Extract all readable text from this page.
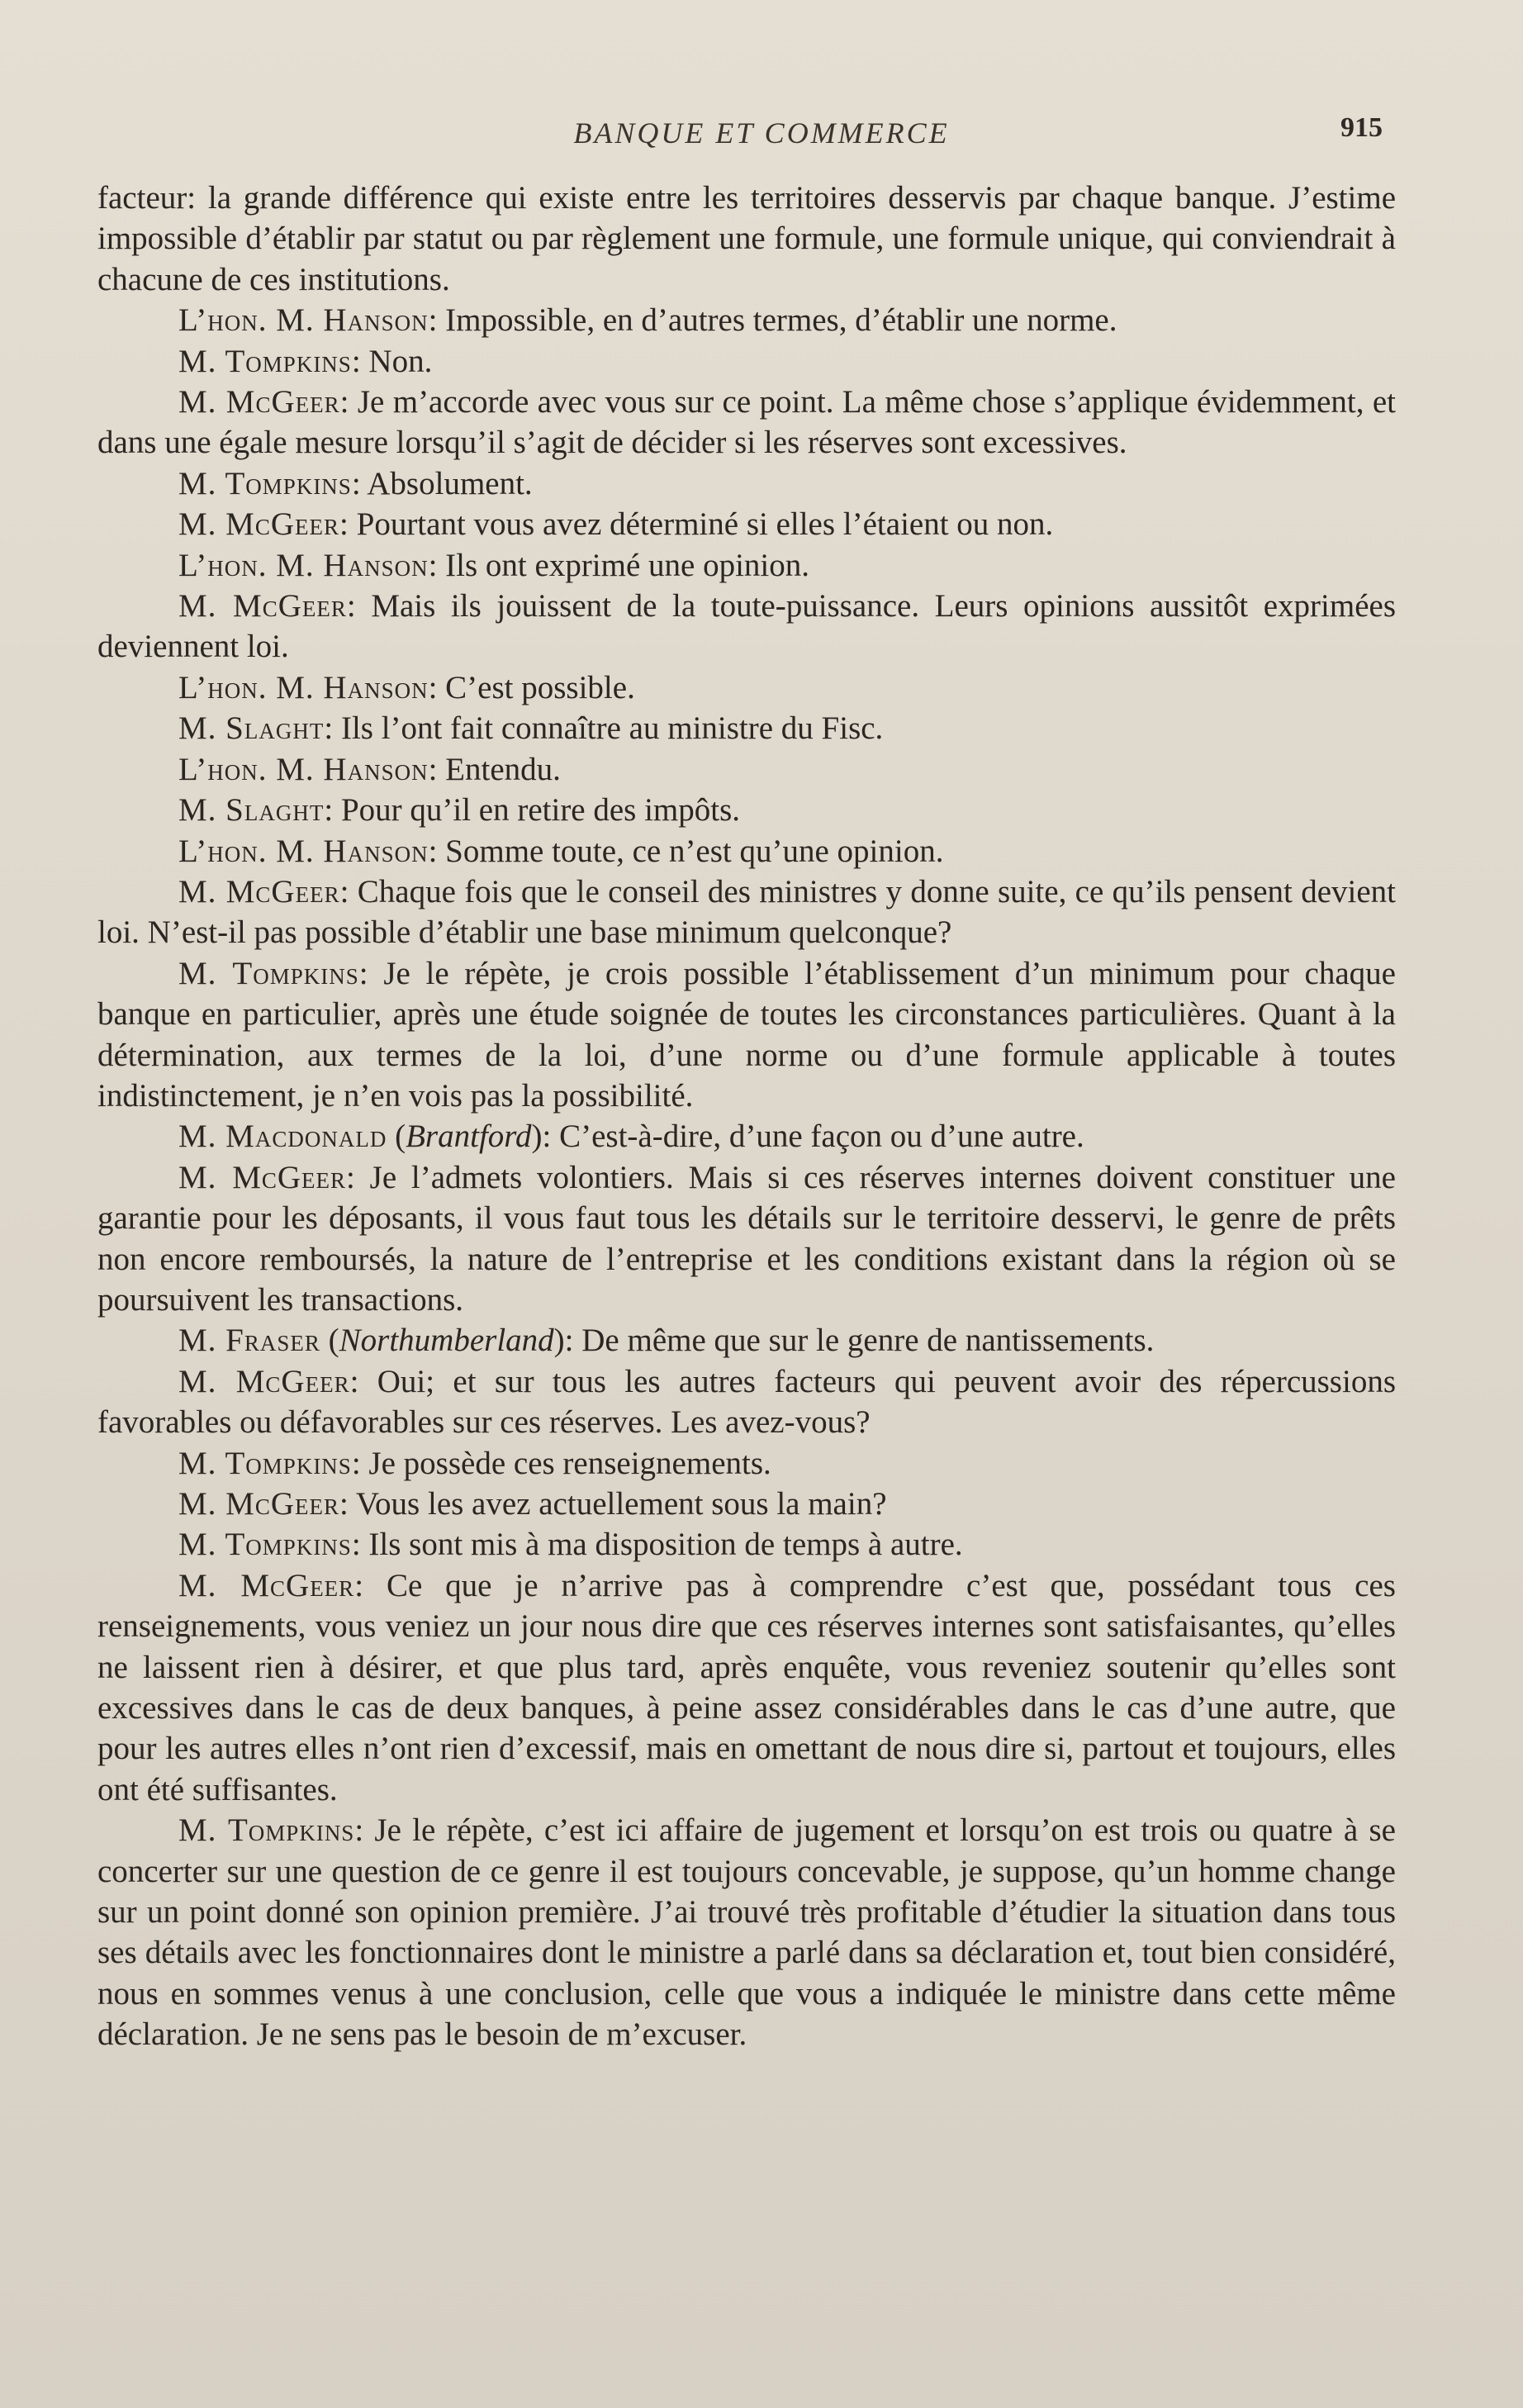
BANQUE ET COMMERCE	915

facteur: la grande différence qui existe entre les territoires desservis par chaque banque. J’estime impossible d’établir par statut ou par règlement une formule, une formule unique, qui conviendrait à chacune de ces institutions.

L’hon. M. Hanson: Impossible, en d’autres termes, d’établir une norme.

M. Tompkins: Non.

M. McGeer: Je m’accorde avec vous sur ce point. La même chose s’applique évidemment, et dans une égale mesure lorsqu’il s’agit de décider si les réserves sont excessives.

M. Tompkins: Absolument.

M. McGeer: Pourtant vous avez déterminé si elles l’étaient ou non.

L’hon. M. Hanson: Ils ont exprimé une opinion.

M. McGeer: Mais ils jouissent de la toute-puissance. Leurs opinions aussitôt exprimées deviennent loi.

L’hon. M. Hanson: C’est possible.

M. Slaght: Ils l’ont fait connaître au ministre du Fisc.

L’hon. M. Hanson: Entendu.

M. Slaght: Pour qu’il en retire des impôts.

L’hon. M. Hanson: Somme toute, ce n’est qu’une opinion.

M. McGeer: Chaque fois que le conseil des ministres y donne suite, ce qu’ils pensent devient loi. N’est-il pas possible d’établir une base minimum quelconque?

M. Tompkins: Je le répète, je crois possible l’établissement d’un minimum pour chaque banque en particulier, après une étude soignée de toutes les circonstances particulières. Quant à la détermination, aux termes de la loi, d’une norme ou d’une formule applicable à toutes indistinctement, je n’en vois pas la possibilité.

M. Macdonald (Brantford): C’est-à-dire, d’une façon ou d’une autre.

M. McGeer: Je l’admets volontiers. Mais si ces réserves internes doivent constituer une garantie pour les déposants, il vous faut tous les détails sur le territoire desservi, le genre de prêts non encore remboursés, la nature de l’entreprise et les conditions existant dans la région où se poursuivent les transactions.

M. Fraser (Northumberland): De même que sur le genre de nantissements.

M. McGeer: Oui; et sur tous les autres facteurs qui peuvent avoir des répercussions favorables ou défavorables sur ces réserves. Les avez-vous?

M. Tompkins: Je possède ces renseignements.

M. McGeer: Vous les avez actuellement sous la main?

M. Tompkins: Ils sont mis à ma disposition de temps à autre.

M. McGeer: Ce que je n’arrive pas à comprendre c’est que, possédant tous ces renseignements, vous veniez un jour nous dire que ces réserves internes sont satisfaisantes, qu’elles ne laissent rien à désirer, et que plus tard, après enquête, vous reveniez soutenir qu’elles sont excessives dans le cas de deux banques, à peine assez considérables dans le cas d’une autre, que pour les autres elles n’ont rien d’excessif, mais en omettant de nous dire si, partout et toujours, elles ont été suffisantes.

M. Tompkins: Je le répète, c’est ici affaire de jugement et lorsqu’on est trois ou quatre à se concerter sur une question de ce genre il est toujours concevable, je suppose, qu’un homme change sur un point donné son opinion première. J’ai trouvé très profitable d’étudier la situation dans tous ses détails avec les fonctionnaires dont le ministre a parlé dans sa déclaration et, tout bien considéré, nous en sommes venus à une conclusion, celle que vous a indiquée le ministre dans cette même déclaration. Je ne sens pas le besoin de m’excuser.
